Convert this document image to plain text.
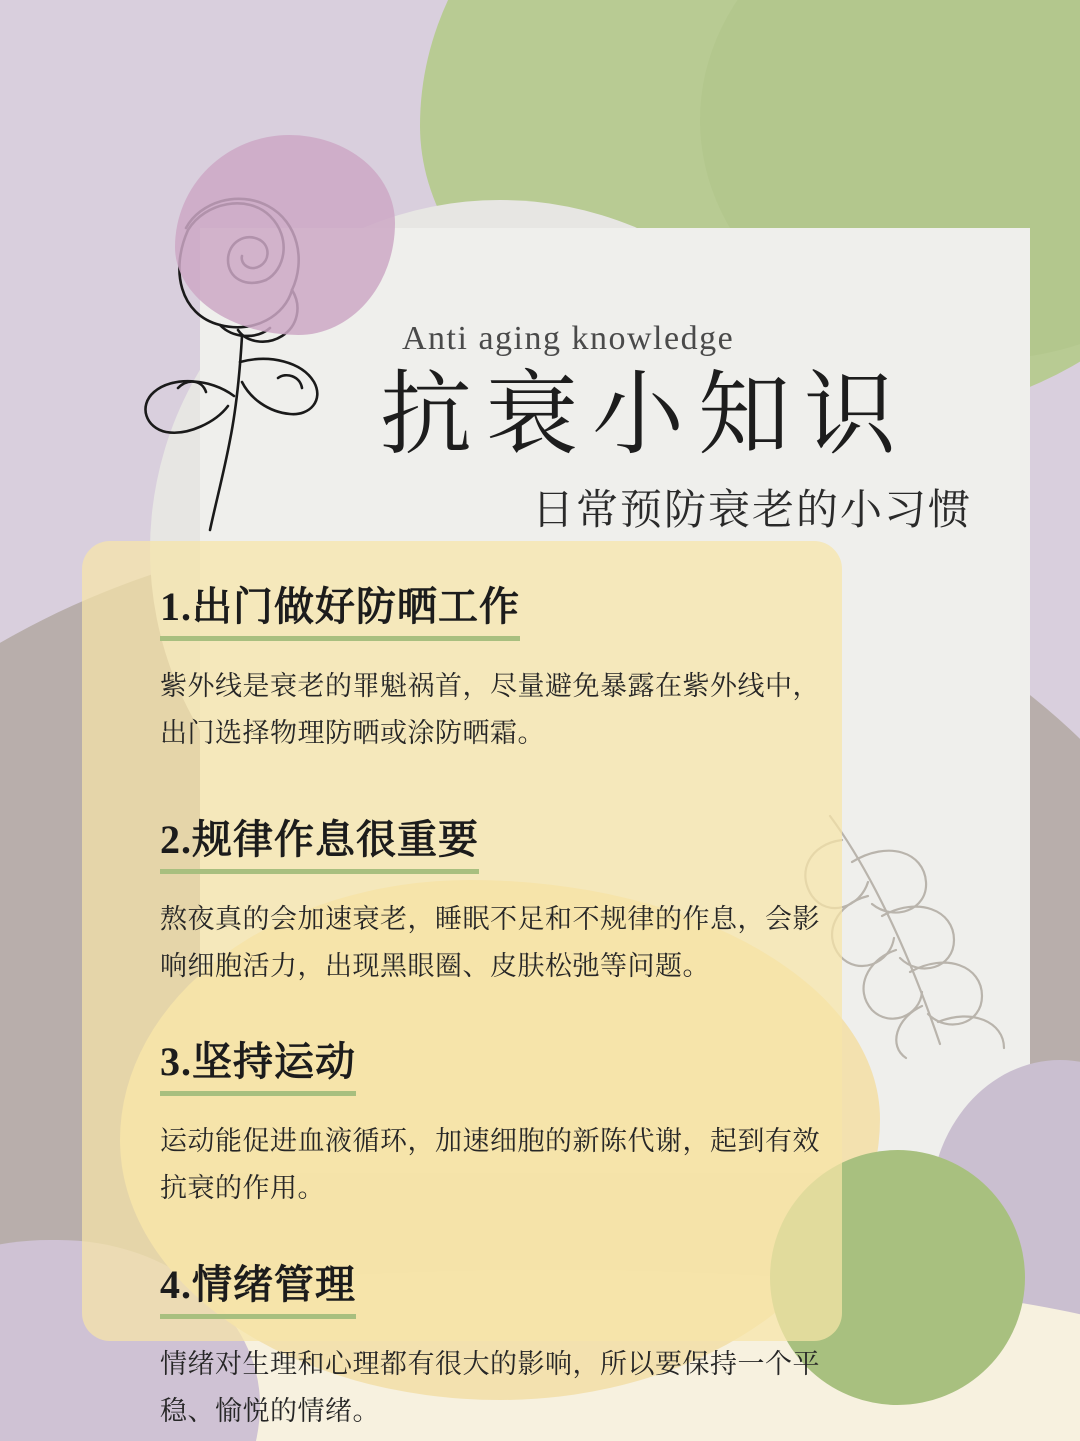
Anti aging knowledge

抗衰小知识

日常预防衰老的小习惯

1.出门做好防晒工作

紫外线是衰老的罪魁祸首，尽量避免暴露在紫外线中，出门选择物理防晒或涂防晒霜。

2.规律作息很重要

熬夜真的会加速衰老，睡眠不足和不规律的作息，会影响细胞活力，出现黑眼圈、皮肤松弛等问题。

3.坚持运动

运动能促进血液循环，加速细胞的新陈代谢，起到有效抗衰的作用。

4.情绪管理

情绪对生理和心理都有很大的影响，所以要保持一个平稳、愉悦的情绪。
